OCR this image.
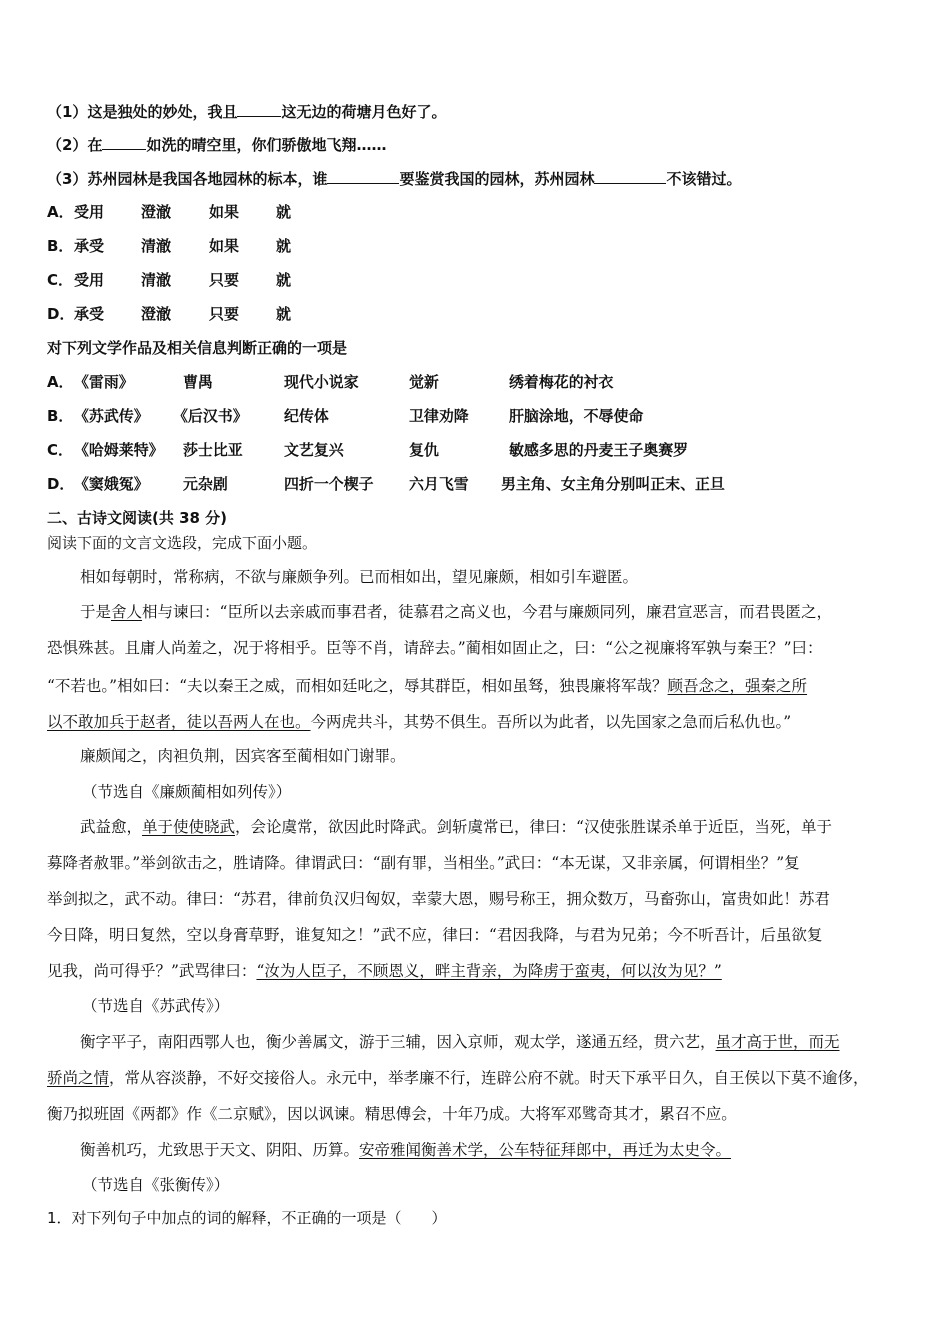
（1）这是独处的妙处，我且	这无边的荷塘月色好了。
（2）在	如洗的晴空里，你们骄傲地飞翔……
（3）苏州园林是我国各地园林的标本，谁	要鉴赏我国的园林，苏州园林	不该错过。
A． 受用 澄澈	如果 就
B． 承受 清澈	如果 就
C． 受用 清澈	只要 就
D． 承受 澄澈	只要 就
对下列文学作品及相关信息判断正确的一项是
A． 《雷雨》	曹禺	现代小说家	觉新	绣着梅花的衬衣
B． 《苏武传》 《后汉书》 纪传体	卫律劝降	肝脑涂地，不辱使命
C． 《哈姆莱特》 莎士比亚	文艺复兴	复仇	敏感多思的丹麦王子奥赛罗
D． 《窦娥冤》 元杂剧	四折一个楔子 六月飞雪 男主角、女主角分别叫正末、正旦
二、古诗文阅读(共 38 分)
阅读下面的文言文选段，完成下面小题。
相如每朝时，常称病，不欲与廉颇争列。已而相如出，望见廉颇，相如引车避匿。
于是舍人相与谏曰：“臣所以去亲戚而事君者，徒慕君之高义也，今君与廉颇同列，廉君宣恶言，而君畏匿之，
恐惧殊甚。且庸人尚羞之，况于将相乎。臣等不肖，请辞去。”蔺相如固止之，曰：“公之视廉将军孰与秦王？”曰：
“不若也。”相如曰：“夫以秦王之威，而相如廷叱之，辱其群臣，相如虽驽，独畏廉将军哉？顾吾念之，强秦之所
以不敢加兵于赵者，徒以吾两人在也。今两虎共斗，其势不俱生。吾所以为此者，以先国家之急而后私仇也。”
廉颇闻之，肉袒负荆，因宾客至蔺相如门谢罪。
（节选自《廉颇蔺相如列传》）
武益愈，单于使使晓武，会论虞常，欲因此时降武。剑斩虞常已，律曰：“汉使张胜谋杀单于近臣，当死，单于
募降者赦罪。”举剑欲击之，胜请降。律谓武曰：“副有罪，当相坐。”武曰：“本无谋，又非亲属，何谓相坐？”复
举剑拟之，武不动。律曰：“苏君，律前负汉归匈奴，幸蒙大恩，赐号称王，拥众数万，马畜弥山，富贵如此！苏君
今日降，明日复然，空以身膏草野，谁复知之！”武不应，律曰：“君因我降，与君为兄弟；今不听吾计，后虽欲复
见我，尚可得乎？”武骂律曰：“汝为人臣子，不顾恩义，畔主背亲，为降虏于蛮夷，何以汝为见？”
（节选自《苏武传》）
衡字平子，南阳西鄂人也，衡少善属文，游于三辅，因入京师，观太学，遂通五经，贯六艺，虽才高于世，而无
骄尚之情，常从容淡静，不好交接俗人。永元中，举孝廉不行，连辟公府不就。时天下承平日久，自王侯以下莫不逾侈，
衡乃拟班固《两都》作《二京赋》，因以讽谏。精思傅会，十年乃成。大将军邓骘奇其才，累召不应。
衡善机巧，尤致思于天文、阴阳、历算。安帝雅闻衡善术学，公车特征拜郎中，再迁为太史令。
（节选自《张衡传》）
1．对下列句子中加点的词的解释，不正确的一项是（　　）
